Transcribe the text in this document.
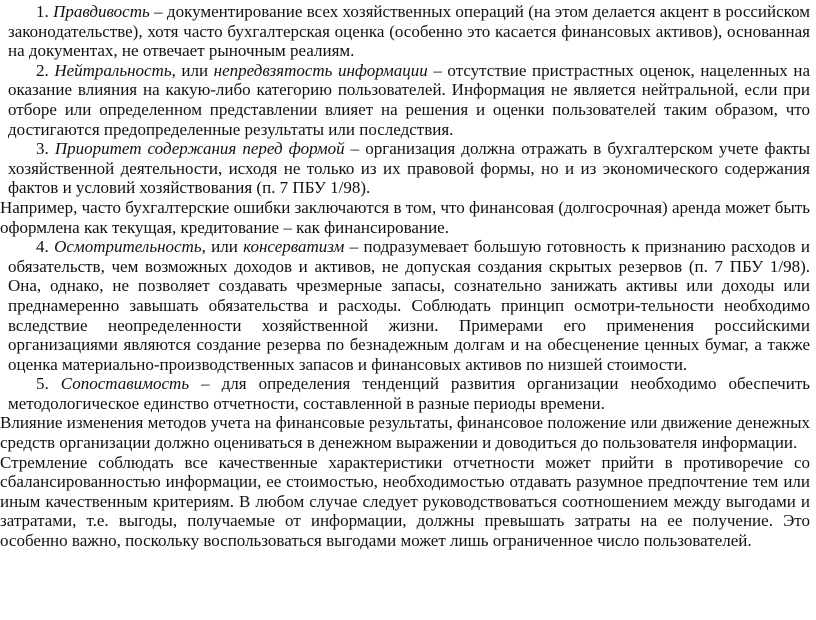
1. Правдивость – документирование всех хозяйственных операций (на этом делается акцент в российском законодательстве), хотя часто бухгалтерская оценка (особенно это касается финансовых активов), основанная на документах, не отвечает рыночным реалиям.

2. Нейтральность, или непредвзятость информации – отсутствие пристрастных оценок, нацеленных на оказание влияния на какую-либо категорию пользователей. Информация не является нейтральной, если при отборе или определенном представлении влияет на решения и оценки пользователей таким образом, что достигаются предопределенные результаты или последствия.

3. Приоритет содержания перед формой – организация должна отражать в бухгалтерском учете факты хозяйственной деятельности, исходя не только из их правовой формы, но и из экономического содержания фактов и условий хозяйствования (п. 7 ПБУ 1/98).

Например, часто бухгалтерские ошибки заключаются в том, что финансовая (долгосрочная) аренда может быть оформлена как текущая, кредитование – как финансирование.

4. Осмотрительность, или консерватизм – подразумевает большую готовность к признанию расходов и обязательств, чем возможных доходов и активов, не допуская создания скрытых резервов (п. 7 ПБУ 1/98). Она, однако, не позволяет создавать чрезмерные запасы, сознательно занижать активы или доходы или преднамеренно завышать обязательства и расходы. Соблюдать принцип осмотри-тельности необходимо вследствие неопределенности хозяйственной жизни. Примерами его применения российскими организациями являются создание резерва по безнадежным долгам и на обесценение ценных бумаг, а также оценка материально-производственных запасов и финансовых активов по низшей стоимости.

5. Сопоставимость – для определения тенденций развития организации необходимо обеспечить методологическое единство отчетности, составленной в разные периоды времени.

Влияние изменения методов учета на финансовые результаты, финансовое положение или движение денежных средств организации должно оцениваться в денежном выражении и доводиться до пользователя информации.

Стремление соблюдать все качественные характеристики отчетности может прийти в противоречие со сбалансированностью информации, ее стоимостью, необходимостью отдавать разумное предпочтение тем или иным качественным критериям. В любом случае следует руководствоваться соотношением между выгодами и затратами, т.е. выгоды, получаемые от информации, должны превышать затраты на ее получение. Это особенно важно, поскольку воспользоваться выгодами может лишь ограниченное число пользователей.
